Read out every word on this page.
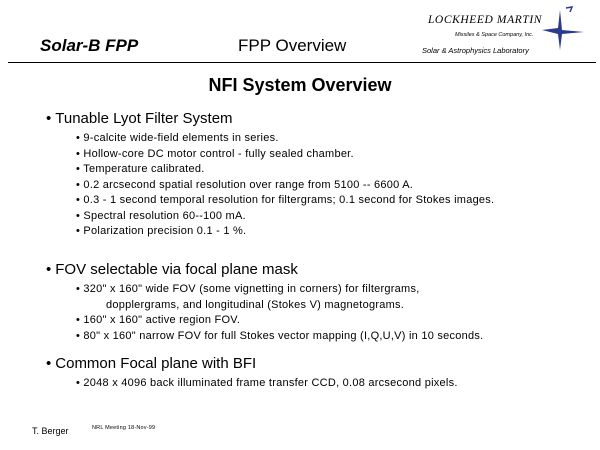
Solar-B FPP	FPP Overview
LOCKHEED MARTIN
Missiles & Space Company, Inc.
Solar & Astrophysics Laboratory
NFI System Overview
• Tunable Lyot Filter System
• 9-calcite wide-field elements in series.
• Hollow-core DC motor control - fully sealed chamber.
• Temperature calibrated.
• 0.2 arcsecond spatial resolution over range from 5100 -- 6600 A.
• 0.3 - 1 second temporal resolution for filtergrams; 0.1 second for Stokes images.
• Spectral resolution 60--100 mA.
• Polarization precision 0.1 - 1 %.
• FOV selectable via focal plane mask
• 320" x 160" wide FOV (some vignetting in corners) for filtergrams,
dopplergrams, and longitudinal (Stokes V) magnetograms.
• 160" x 160" active region FOV.
• 80" x 160" narrow FOV for full Stokes vector mapping (I,Q,U,V) in 10 seconds.
• Common Focal plane with BFI
• 2048 x 4096 back illuminated frame transfer CCD, 0.08 arcsecond pixels.
T. Berger	NRL Meeting 18-Nov-99
